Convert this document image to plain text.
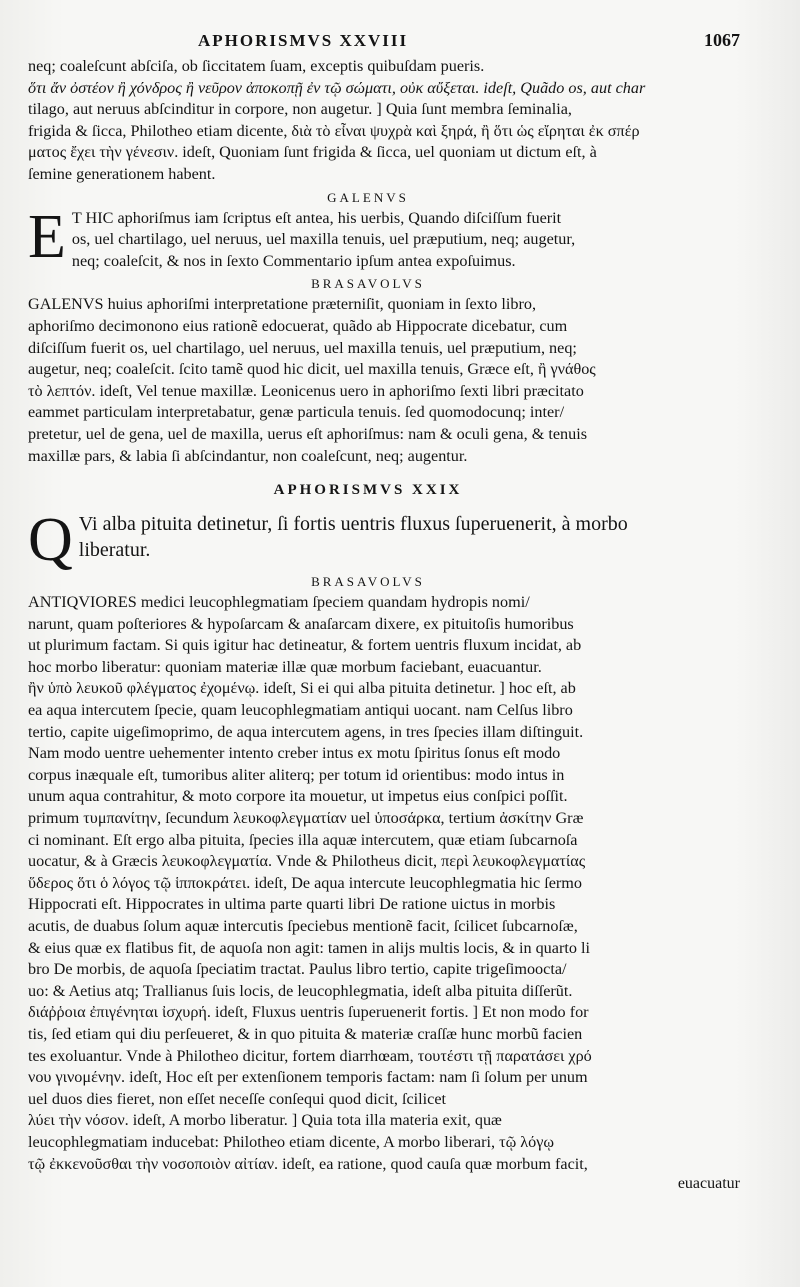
APHORISMVS XXVIII	1067

neq; coaleſcunt abſciſa, ob ſiccitatem ſuam, exceptis quibuſdam pueris.

ὅτι ἄν ὀστέον ἢ χόνδρος ἢ νεῦρον ἀποκοπῇ ἐν τῷ σώματι, οὐκ αὔξεται. ideſt, Quãdo os, aut char

tilago, aut neruus abſcinditur in corpore, non augetur. ] Quia ſunt membra ſeminalia,

frigida & ſicca, Philotheo etiam dicente, διὰ τὸ εἶναι ψυχρὰ καὶ ξηρά, ἢ ὅτι ὡς εἴρηται ἐκ σπέρ

ματος ἔχει τὴν γένεσιν. ideſt, Quoniam ſunt frigida & ſicca, uel quoniam ut dictum eſt, à

ſemine generationem habent.

GALENVS
E T HIC aphoriſmus iam ſcriptus eſt antea, his uerbis, Quando diſciſſum fuerit

os, uel chartilago, uel neruus, uel maxilla tenuis, uel præputium, neq; augetur,

neq; coaleſcit, & nos in ſexto Commentario ipſum antea expoſuimus.

BRASAVOLVS

GALENVS huius aphoriſmi interpretatione præterniſit, quoniam in ſexto libro,

aphoriſmo decimonono eius rationẽ edocuerat, quãdo ab Hippocrate dicebatur, cum

diſciſſum fuerit os, uel chartilago, uel neruus, uel maxilla tenuis, uel præputium, neq;

augetur, neq; coaleſcit. ſcito tamẽ quod hic dicit, uel maxilla tenuis, Græce eſt, ἢ γνάθος

τὸ λεπτόν. ideſt, Vel tenue maxillæ. Leonicenus uero in aphoriſmo ſexti libri præcitato

eammet particulam interpretabatur, genæ particula tenuis. ſed quomodocunq; inter/

pretetur, uel de gena, uel de maxilla, uerus eſt aphoriſmus: nam & oculi gena, & tenuis

maxillæ pars, & labia ſi abſcindantur, non coaleſcunt, neq; augentur.

APHORISMVS XXIX
Q Vi alba pituita detinetur, ſi fortis uentris fluxus ſuperuenerit, à morbo

liberatur.

BRASAVOLVS

ANTIQVIORES medici leucophlegmatiam ſpeciem quandam hydropis nomi/

narunt, quam poſteriores & hypoſarcam & anaſarcam dixere, ex pituitoſis humoribus

ut plurimum factam. Si quis igitur hac detineatur, & fortem uentris fluxum incidat, ab

hoc morbo liberatur: quoniam materiæ illæ quæ morbum faciebant, euacuantur.

ἢν ὑπὸ λευκοῦ φλέγματος ἐχομένῳ. ideſt, Si ei qui alba pituita detinetur. ] hoc eſt, ab

ea aqua intercutem ſpecie, quam leucophlegmatiam antiqui uocant. nam Celſus libro

tertio, capite uigeſimoprimo, de aqua intercutem agens, in tres ſpecies illam diſtinguit.

Nam modo uentre uehementer intento creber intus ex motu ſpiritus ſonus eſt modo

corpus inæquale eſt, tumoribus aliter aliterq; per totum id orientibus: modo intus in

unum aqua contrahitur, & moto corpore ita mouetur, ut impetus eius conſpici poſſit.

primum τυμπανίτην, ſecundum λευκοφλεγματίαν uel ὑποσάρκα, tertium ἀσκίτην Græ

ci nominant. Eſt ergo alba pituita, ſpecies illa aquæ intercutem, quæ etiam ſubcarnoſa

uocatur, & à Græcis λευκοφλεγματία. Vnde & Philotheus dicit, περὶ λευκοφλεγματίας

ὕδερος ὅτι ὁ λόγος τῷ ἱπποκράτει. ideſt, De aqua intercute leucophlegmatia hic ſermo

Hippocrati eſt. Hippocrates in ultima parte quarti libri De ratione uictus in morbis

acutis, de duabus ſolum aquæ intercutis ſpeciebus mentionẽ facit, ſcilicet ſubcarnoſæ,

& eius quæ ex flatibus fit, de aquoſa non agit: tamen in alijs multis locis, & in quarto li

bro De morbis, de aquoſa ſpeciatim tractat. Paulus libro tertio, capite trigeſimoocta/

uo: & Aetius atq; Trallianus ſuis locis, de leucophlegmatia, ideſt alba pituita diſſerũt.

διάῤῥοια ἐπιγένηται ἰσχυρή. ideſt, Fluxus uentris ſuperuenerit fortis. ] Et non modo for

tis, ſed etiam qui diu perſeueret, & in quo pituita & materiæ craſſæ hunc morbũ facien

tes exoluantur. Vnde à Philotheo dicitur, fortem diarrhœam, τουτέστι τῇ παρατάσει χρό

νου γινομένην. ideſt, Hoc eſt per extenſionem temporis factam: nam ſi ſolum per unum

uel duos dies fieret, non eſſet neceſſe conſequi quod dicit, ſcilicet

λύει τὴν νόσον. ideſt, A morbo liberatur. ] Quia tota illa materia exit, quæ

leucophlegmatiam inducebat: Philotheo etiam dicente, A morbo liberari, τῷ λόγῳ

τῷ ἐκκενοῦσθαι τὴν νοσοποιὸν αἰτίαν. ideſt, ea ratione, quod cauſa quæ morbum facit,

euacuatur
